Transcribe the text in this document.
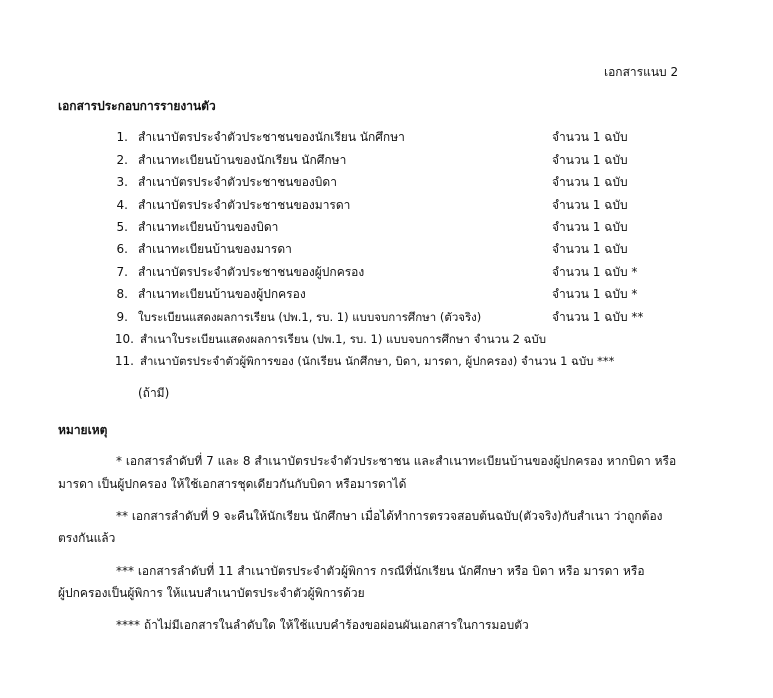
เอกสารแนบ 2
เอกสารประกอบการรายงานตัว
1. สำเนาบัตรประจำตัวประชาชนของนักเรียน นักศึกษา	จำนวน 1 ฉบับ
2. สำเนาทะเบียนบ้านของนักเรียน นักศึกษา	จำนวน 1 ฉบับ
3. สำเนาบัตรประจำตัวประชาชนของบิดา	จำนวน 1 ฉบับ
4. สำเนาบัตรประจำตัวประชาชนของมารดา	จำนวน 1 ฉบับ
5. สำเนาทะเบียนบ้านของบิดา	จำนวน 1 ฉบับ
6. สำเนาทะเบียนบ้านของมารดา	จำนวน 1 ฉบับ
7. สำเนาบัตรประจำตัวประชาชนของผู้ปกครอง	จำนวน 1 ฉบับ *
8. สำเนาทะเบียนบ้านของผู้ปกครอง	จำนวน 1 ฉบับ *
9. ใบระเบียนแสดงผลการเรียน (ปพ.1, รบ. 1) แบบจบการศึกษา (ตัวจริง)	จำนวน 1 ฉบับ **
10. สำเนาใบระเบียนแสดงผลการเรียน (ปพ.1, รบ. 1) แบบจบการศึกษา จำนวน 2 ฉบับ
11. สำเนาบัตรประจำตัวผู้พิการของ (นักเรียน นักศึกษา, บิดา, มารดา, ผู้ปกครอง) จำนวน 1 ฉบับ ***
(ถ้ามี)
หมายเหตุ
* เอกสารลำดับที่ 7 และ 8 สำเนาบัตรประจำตัวประชาชน และสำเนาทะเบียนบ้านของผู้ปกครอง หากบิดา หรือ
มารดา เป็นผู้ปกครอง ให้ใช้เอกสารชุดเดียวกันกับบิดา หรือมารดาได้
** เอกสารลำดับที่ 9 จะคืนให้นักเรียน นักศึกษา เมื่อได้ทำการตรวจสอบต้นฉบับ(ตัวจริง)กับสำเนา ว่าถูกต้อง
ตรงกันแล้ว
*** เอกสารลำดับที่ 11 สำเนาบัตรประจำตัวผู้พิการ กรณีที่นักเรียน นักศึกษา หรือ บิดา หรือ มารดา หรือ
ผู้ปกครองเป็นผู้พิการ ให้แนบสำเนาบัตรประจำตัวผู้พิการด้วย
**** ถ้าไม่มีเอกสารในลำดับใด ให้ใช้แบบคำร้องขอผ่อนผันเอกสารในการมอบตัว
